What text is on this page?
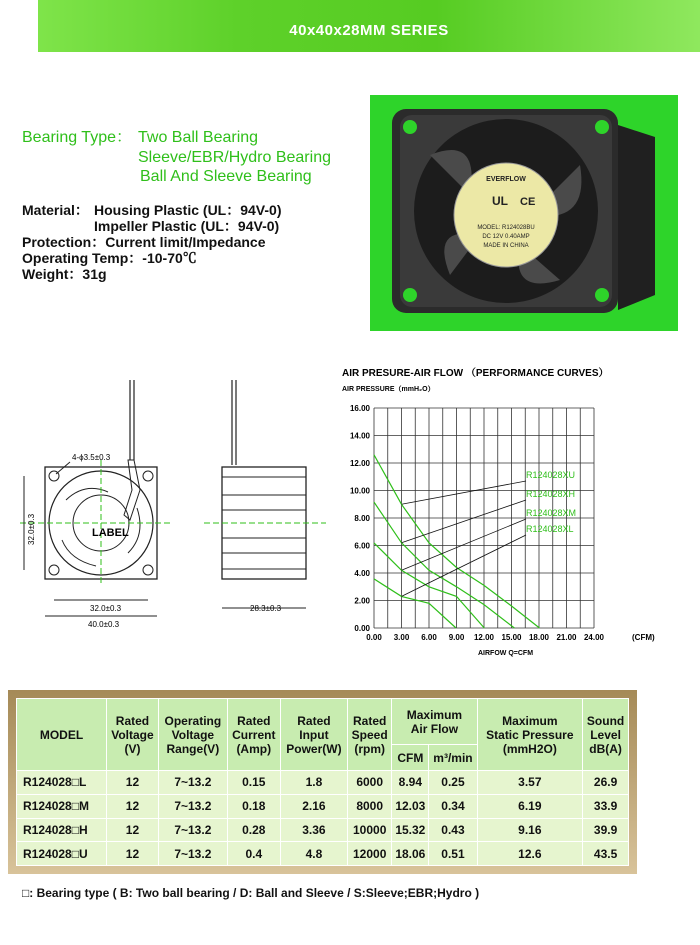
40x40x28MM SERIES
Bearing Type： Two Ball Bearing
Sleeve/EBR/Hydro Bearing
Ball And Sleeve Bearing
Material： Housing Plastic (UL：94V-0)
Impeller Plastic (UL：94V-0)
Protection：Current limit/Impedance
Operating Temp：-10-70℃
Weight：31g
EVERFLOW
UL CE
MODEL: R124028BU
DC 12V 0.40AMP
MADE IN CHINA
4-ϕ3.5±0.3
LABEL
32.0±0.3
32.0±0.3
40.0±0.3
28.3±0.3
AIR PRESURE-AIR FLOW （PERFORMANCE CURVES）
AIR PRESSURE（mmH₂O）
AIRFOW Q=CFM
(CFM)
0.00
2.00
4.00
6.00
8.00
10.00
12.00
14.00
16.00
0.00 3.00 6.00 9.00 12.00 15.00 18.00 21.00 24.00
R124028XU
R124028XH
R124028XM
R124028XL
MODEL	Rated
Voltage
(V)	Operating
Voltage
Range(V)	Rated
Current
(Amp)	Rated
Input
Power(W)	Rated
Speed
(rpm)	Maximum
Air Flow		Maximum
Static Pressure
(mmH2O)	Sound
Level
dB(A)
						CFM	m³/min		
R124028□L	12	7~13.2	0.15	1.8	6000	8.94	0.25	3.57	26.9
R124028□M	12	7~13.2	0.18	2.16	8000	12.03	0.34	6.19	33.9
R124028□H	12	7~13.2	0.28	3.36	10000	15.32	0.43	9.16	39.9
R124028□U	12	7~13.2	0.4	4.8	12000	18.06	0.51	12.6	43.5
□: Bearing type ( B: Two ball bearing / D: Ball and Sleeve / S:Sleeve;EBR;Hydro )
